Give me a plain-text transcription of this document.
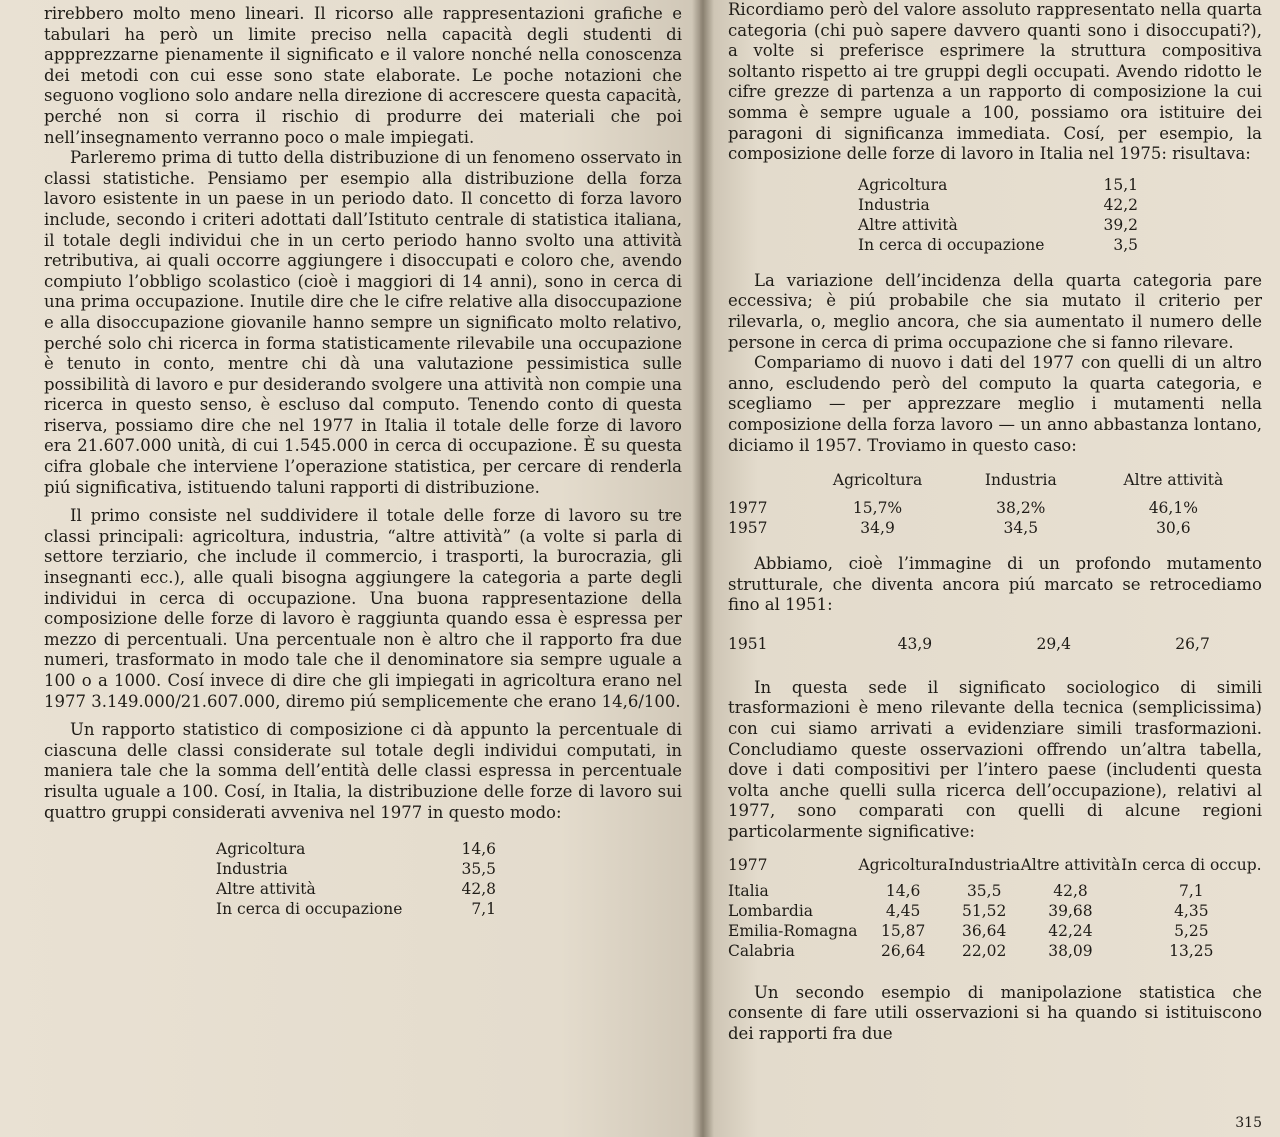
rirebbero molto meno lineari. Il ricorso alle rappresentazioni grafiche e tabulari ha però un limite preciso nella capacità degli studenti di appprezzarne pienamente il significato e il valore nonché nella conoscenza dei metodi con cui esse sono state elaborate. Le poche notazioni che seguono vogliono solo andare nella direzione di accrescere questa capacità, perché non si corra il rischio di produrre dei materiali che poi nell’insegnamento verranno poco o male impiegati.

Parleremo prima di tutto della distribuzione di un fenomeno osservato in classi statistiche. Pensiamo per esempio alla distribuzione della forza lavoro esistente in un paese in un periodo dato. Il concetto di forza lavoro include, secondo i criteri adottati dall’Istituto centrale di statistica italiana, il totale degli individui che in un certo periodo hanno svolto una attività retributiva, ai quali occorre aggiungere i disoccupati e coloro che, avendo compiuto l’obbligo scolastico (cioè i maggiori di 14 anni), sono in cerca di una prima occupazione. Inutile dire che le cifre relative alla disoccupazione e alla disoccupazione giovanile hanno sempre un significato molto relativo, perché solo chi ricerca in forma statisticamente rilevabile una occupazione è tenuto in conto, mentre chi dà una valutazione pessimistica sulle possibilità di lavoro e pur desiderando svolgere una attività non compie una ricerca in questo senso, è escluso dal computo. Tenendo conto di questa riserva, possiamo dire che nel 1977 in Italia il totale delle forze di lavoro era 21.607.000 unità, di cui 1.545.000 in cerca di occupazione. È su questa cifra globale che interviene l’operazione statistica, per cercare di renderla piú significativa, istituendo taluni rapporti di distribuzione.

Il primo consiste nel suddividere il totale delle forze di lavoro su tre classi principali: agricoltura, industria, “altre attività” (a volte si parla di settore terziario, che include il commercio, i trasporti, la burocrazia, gli insegnanti ecc.), alle quali bisogna aggiungere la categoria a parte degli individui in cerca di occupazione. Una buona rappresentazione della composizione delle forze di lavoro è raggiunta quando essa è espressa per mezzo di percentuali. Una percentuale non è altro che il rapporto fra due numeri, trasformato in modo tale che il denominatore sia sempre uguale a 100 o a 1000. Cosí invece di dire che gli impiegati in agricoltura erano nel 1977 3.149.000/21.607.000, diremo piú semplicemente che erano 14,6/100.

Un rapporto statistico di composizione ci dà appunto la percentuale di ciascuna delle classi considerate sul totale degli individui computati, in maniera tale che la somma dell’entità delle classi espressa in percentuale risulta uguale a 100. Cosí, in Italia, la distribuzione delle forze di lavoro sui quattro gruppi considerati avveniva nel 1977 in questo modo:

Agricoltura	14,6
Industria	35,5
Altre attività	42,8
In cerca di occupazione	7,1

Ricordiamo però del valore assoluto rappresentato nella quarta categoria (chi può sapere davvero quanti sono i disoccupati?), a volte si preferisce esprimere la struttura compositiva soltanto rispetto ai tre gruppi degli occupati. Avendo ridotto le cifre grezze di partenza a un rapporto di composizione la cui somma è sempre uguale a 100, possiamo ora istituire dei paragoni di significanza immediata. Cosí, per esempio, la composizione delle forze di lavoro in Italia nel 1975: risultava:

Agricoltura	15,1
Industria	42,2
Altre attività	39,2
In cerca di occupazione	3,5

La variazione dell’incidenza della quarta categoria pare eccessiva; è piú probabile che sia mutato il criterio per rilevarla, o, meglio ancora, che sia aumentato il numero delle persone in cerca di prima occupazione che si fanno rilevare.

Compariamo di nuovo i dati del 1977 con quelli di un altro anno, escludendo però del computo la quarta categoria, e scegliamo — per apprezzare meglio i mutamenti nella composizione della forza lavoro — un anno abbastanza lontano, diciamo il 1957. Troviamo in questo caso:

	Agricoltura	Industria	Altre attività
1977	15,7%	38,2%	46,1%
1957	34,9	34,5	30,6

Abbiamo, cioè l’immagine di un profondo mutamento strutturale, che diventa ancora piú marcato se retrocediamo fino al 1951:

1951	43,9	29,4	26,7

In questa sede il significato sociologico di simili trasformazioni è meno rilevante della tecnica (semplicissima) con cui siamo arrivati a evidenziare simili trasformazioni. Concludiamo queste osservazioni offrendo un’altra tabella, dove i dati compositivi per l’intero paese (includenti questa volta anche quelli sulla ricerca dell’occupazione), relativi al 1977, sono comparati con quelli di alcune regioni particolarmente significative:

1977	Agricoltura	Industria	Altre attività	In cerca di occup.
Italia	14,6	35,5	42,8	7,1
Lombardia	4,45	51,52	39,68	4,35
Emilia-Romagna	15,87	36,64	42,24	5,25
Calabria	26,64	22,02	38,09	13,25

Un secondo esempio di manipolazione statistica che consente di fare utili osservazioni si ha quando si istituiscono dei rapporti fra due

315
